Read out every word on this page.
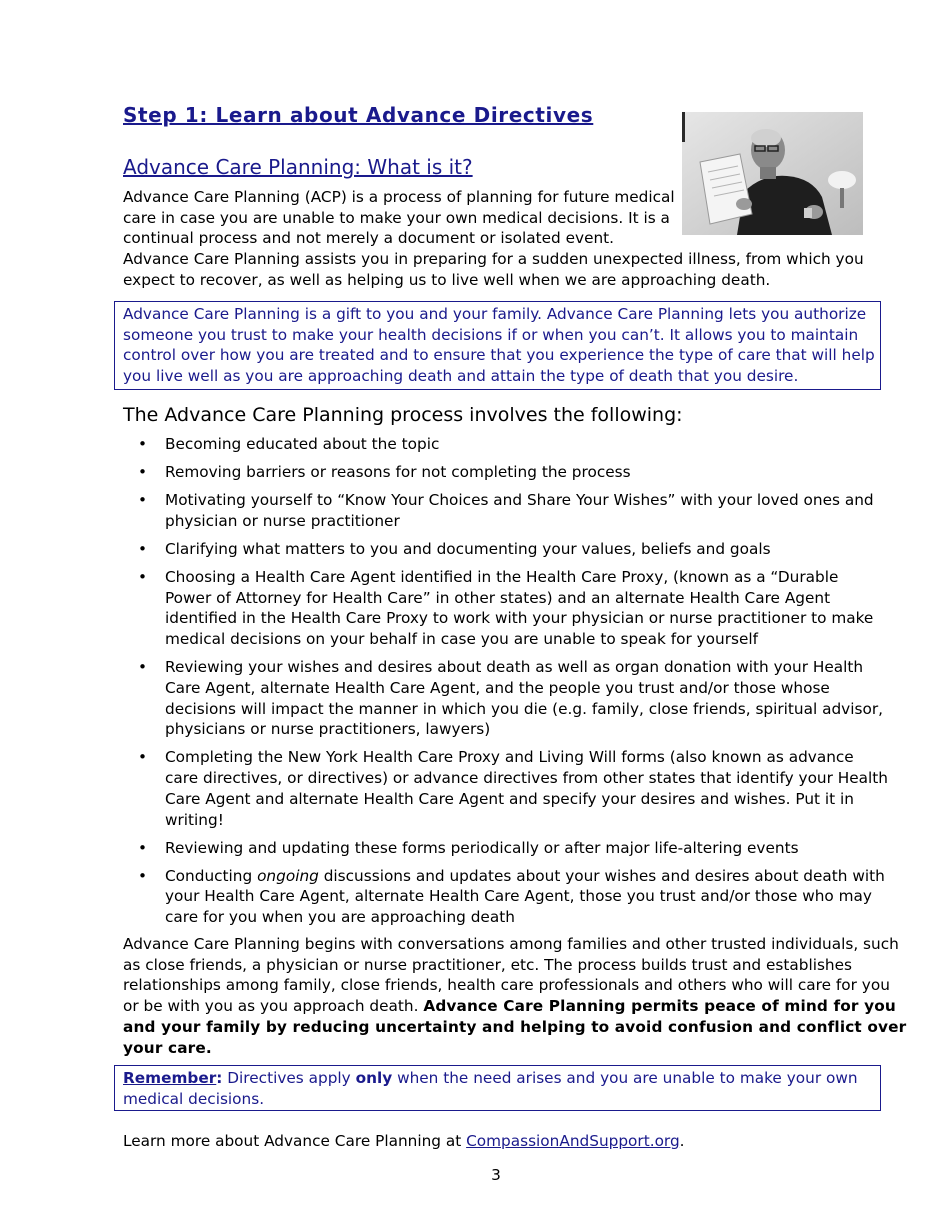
Step 1: Learn about Advance Directives
Advance Care Planning: What is it?

Advance Care Planning (ACP) is a process of planning for future medical
care in case you are unable to make your own medical decisions. It is a
continual process and not merely a document or isolated event.
Advance Care Planning assists you in preparing for a sudden unexpected illness, from which you
expect to recover, as well as helping us to live well when we are approaching death.

Advance Care Planning is a gift to you and your family. Advance Care Planning lets you authorize
someone you trust to make your health decisions if or when you can’t. It allows you to maintain
control over how you are treated and to ensure that you experience the type of care that will help
you live well as you are approaching death and attain the type of death that you desire.
The Advance Care Planning process involves the following:
• Becoming educated about the topic
• Removing barriers or reasons for not completing the process
• Motivating yourself to “Know Your Choices and Share Your Wishes” with your loved ones and
physician or nurse practitioner
• Clarifying what matters to you and documenting your values, beliefs and goals
• Choosing a Health Care Agent identified in the Health Care Proxy, (known as a “Durable
Power of Attorney for Health Care” in other states) and an alternate Health Care Agent
identified in the Health Care Proxy to work with your physician or nurse practitioner to make
medical decisions on your behalf in case you are unable to speak for yourself
• Reviewing your wishes and desires about death as well as organ donation with your Health
Care Agent, alternate Health Care Agent, and the people you trust and/or those whose
decisions will impact the manner in which you die (e.g. family, close friends, spiritual advisor,
physicians or nurse practitioners, lawyers)
• Completing the New York Health Care Proxy and Living Will forms (also known as advance
care directives, or directives) or advance directives from other states that identify your Health
Care Agent and alternate Health Care Agent and specify your desires and wishes. Put it in
writing!
• Reviewing and updating these forms periodically or after major life-altering events
• Conducting ongoing discussions and updates about your wishes and desires about death with
your Health Care Agent, alternate Health Care Agent, those you trust and/or those who may
care for you when you are approaching death

Advance Care Planning begins with conversations among families and other trusted individuals, such
as close friends, a physician or nurse practitioner, etc. The process builds trust and establishes
relationships among family, close friends, health care professionals and others who will care for you
or be with you as you approach death. Advance Care Planning permits peace of mind for you
and your family by reducing uncertainty and helping to avoid confusion and conflict over
your care.

Remember: Directives apply only when the need arises and you are unable to make your own
medical decisions.

Learn more about Advance Care Planning at CompassionAndSupport.org.

3
